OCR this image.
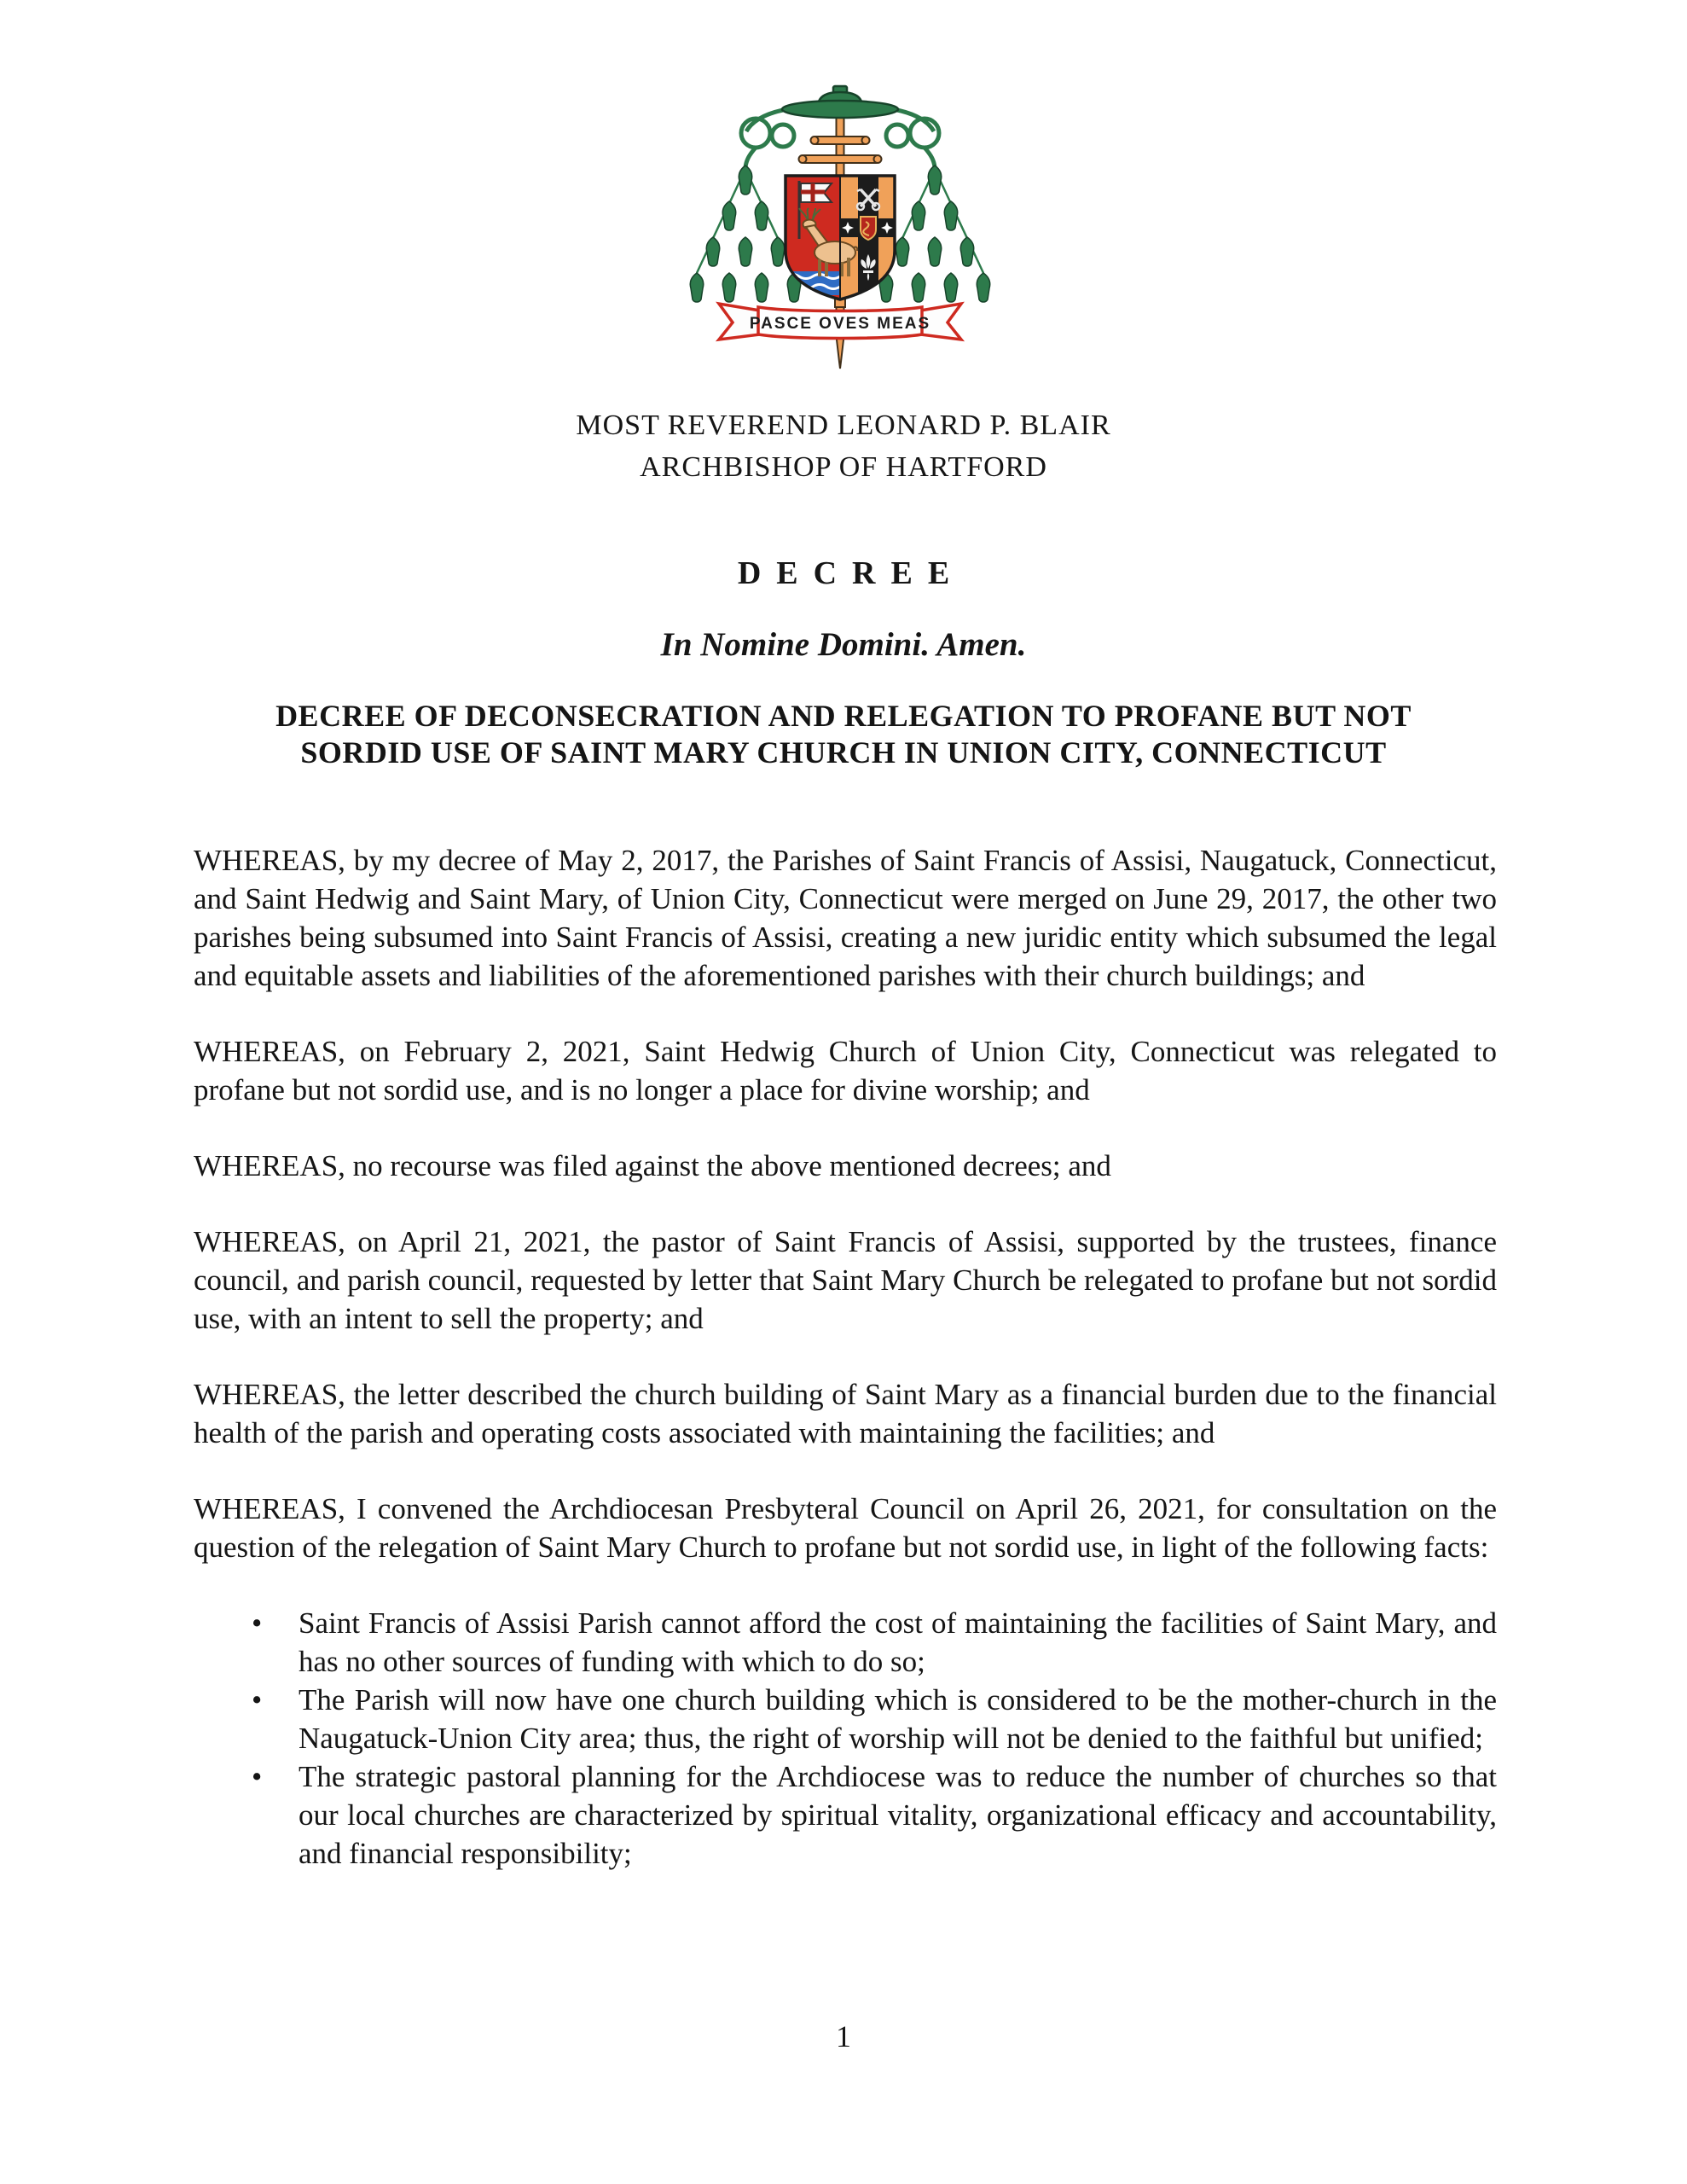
PASCE OVES MEAS
MOST REVEREND LEONARD P. BLAIR
ARCHBISHOP OF HARTFORD
DECREE
In Nomine Domini. Amen.
DECREE OF DECONSECRATION AND RELEGATION TO PROFANE BUT NOT
SORDID USE OF SAINT MARY CHURCH IN UNION CITY, CONNECTICUT

WHEREAS, by my decree of May 2, 2017, the Parishes of Saint Francis of Assisi, Naugatuck, Connecticut, and Saint Hedwig and Saint Mary, of Union City, Connecticut were merged on June 29, 2017, the other two parishes being subsumed into Saint Francis of Assisi, creating a new juridic entity which subsumed the legal and equitable assets and liabilities of the aforementioned parishes with their church buildings; and

WHEREAS, on February 2, 2021, Saint Hedwig Church of Union City, Connecticut was relegated to profane but not sordid use, and is no longer a place for divine worship; and

WHEREAS, no recourse was filed against the above mentioned decrees; and

WHEREAS, on April 21, 2021, the pastor of Saint Francis of Assisi, supported by the trustees, finance council, and parish council, requested by letter that Saint Mary Church be relegated to profane but not sordid use, with an intent to sell the property; and

WHEREAS, the letter described the church building of Saint Mary as a financial burden due to the financial health of the parish and operating costs associated with maintaining the facilities; and

WHEREAS, I convened the Archdiocesan Presbyteral Council on April 26, 2021, for consultation on the question of the relegation of Saint Mary Church to profane but not sordid use, in light of the following facts:

• Saint Francis of Assisi Parish cannot afford the cost of maintaining the facilities of Saint Mary, and has no other sources of funding with which to do so;
• The Parish will now have one church building which is considered to be the mother-church in the Naugatuck-Union City area; thus, the right of worship will not be denied to the faithful but unified;
• The strategic pastoral planning for the Archdiocese was to reduce the number of churches so that our local churches are characterized by spiritual vitality, organizational efficacy and accountability, and financial responsibility;
1
